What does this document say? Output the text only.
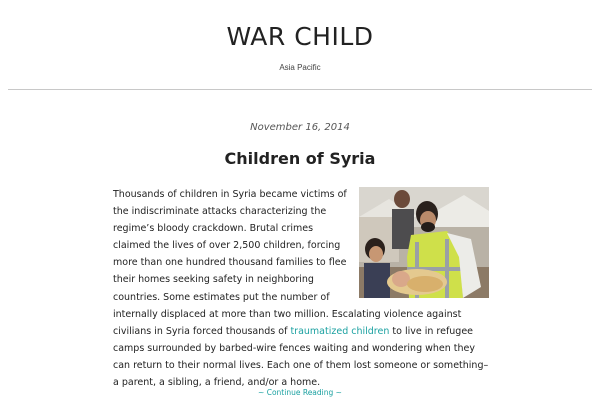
WAR CHILD
Asia Pacific
November 16, 2014
Children of Syria

Thousands of children in Syria became victims of the indiscriminate attacks characterizing the regime’s bloody crackdown. Brutal crimes claimed the lives of over 2,500 children, forcing more than one hundred thousand families to flee their homes seeking safety in neighboring countries. Some estimates put the number of internally displaced at more than two million. Escalating violence against civilians in Syria forced thousands of traumatized children to live in refugee camps surrounded by barbed-wire fences waiting and wondering when they can return to their normal lives. Each one of them lost someone or something–a parent, a sibling, a friend, and/or a home.

~ Continue Reading ~
